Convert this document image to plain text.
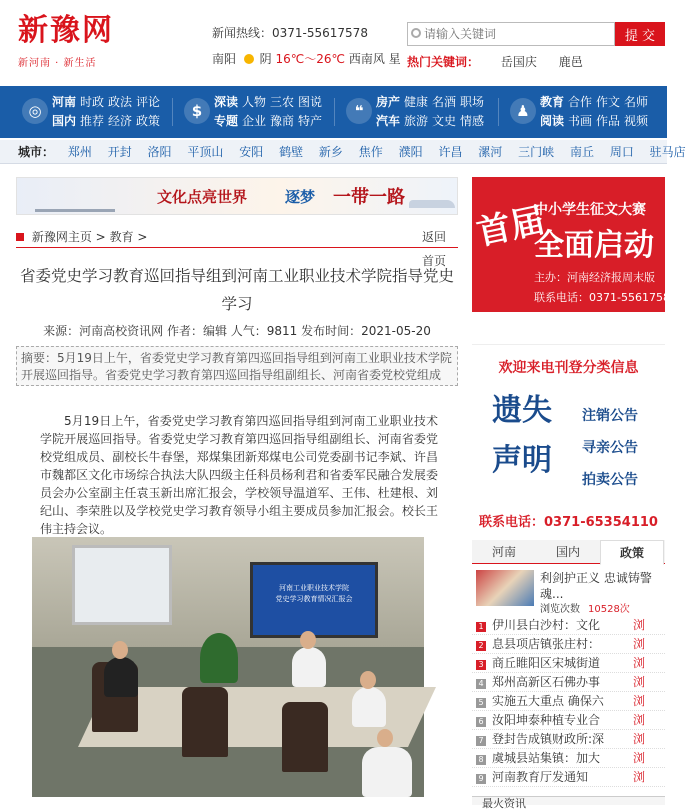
新豫网
新河南 · 新生活
新闻热线：0371-55617578
南阳 阴 16℃～26℃ 西南风 星
请输入关键词
提 交
热门关键词： 岳国庆 鹿邑
◎ 河南 时政 政法 评论
国内 推荐 经济 政策
$ 深读 人物 三农 图说
专题 企业 豫商 特产
❝	房产 健康 名酒 职场
汽车 旅游 文史 情感
♟ 教育 合作 作文 名师
阅读 书画 作品 视频
城市： 郑州 开封 洛阳 平顶山 安阳 鹤壁 新乡 焦作 濮阳 许昌 漯河 三门峡 南丘 周口 驻马店
文化点亮世界	逐梦 一带一路
新豫网主页 > 教育 >	返回
首页
省委党史学习教育巡回指导组到河南工业职业技术学院指导党史学习
来源：河南高校资讯网 作者：编辑 人气：9811 发布时间：2021-05-20
摘要：5月19日上午，省委党史学习教育第四巡回指导组到河南工业职业技术学院开展巡回指导。省委党史学习教育第四巡回指导组副组长、河南省委党校党组成

5月19日上午，省委党史学习教育第四巡回指导组到河南工业职业技术学院开展巡回指导。省委党史学习教育第四巡回指导组副组长、河南省委党校党组成员、副校长牛春堡，郑煤集团新郑煤电公司党委副书记李斌、许昌市魏都区文化市场综合执法大队四级主任科员杨利君和省委军民融合发展委员会办公室副主任袁玉新出席汇报会，学校领导温道军、王伟、杜建根、刘纪山、李荣胜以及学校党史学习教育领导小组主要成员参加汇报会。校长王伟主持会议。

河南工业职业技术学院
党史学习教育情况汇报会
首届
中小学生征文大赛
全面启动
主办：河南经济报周末版
联系电话：0371-55617587
欢迎来电刊登分类信息
遗失
声明
注销公告
寻亲公告
拍卖公告
联系电话：0371-65354110
河南	国内	政策
利剑护正义 忠诚铸警魂...
浏览次数 10528次
1 伊川县白沙村：文化	浏
2 息县项店镇张庄村：	浏
3 商丘睢阳区宋城街道	浏
4 郑州高新区石佛办事	浏
5 实施五大重点 确保六 浏
6 汝阳坤泰种植专业合	浏
7 登封告成镇财政所:深 浏
8 虞城县站集镇：加大	浏
9 河南教育厅发通知	浏
最火资讯
